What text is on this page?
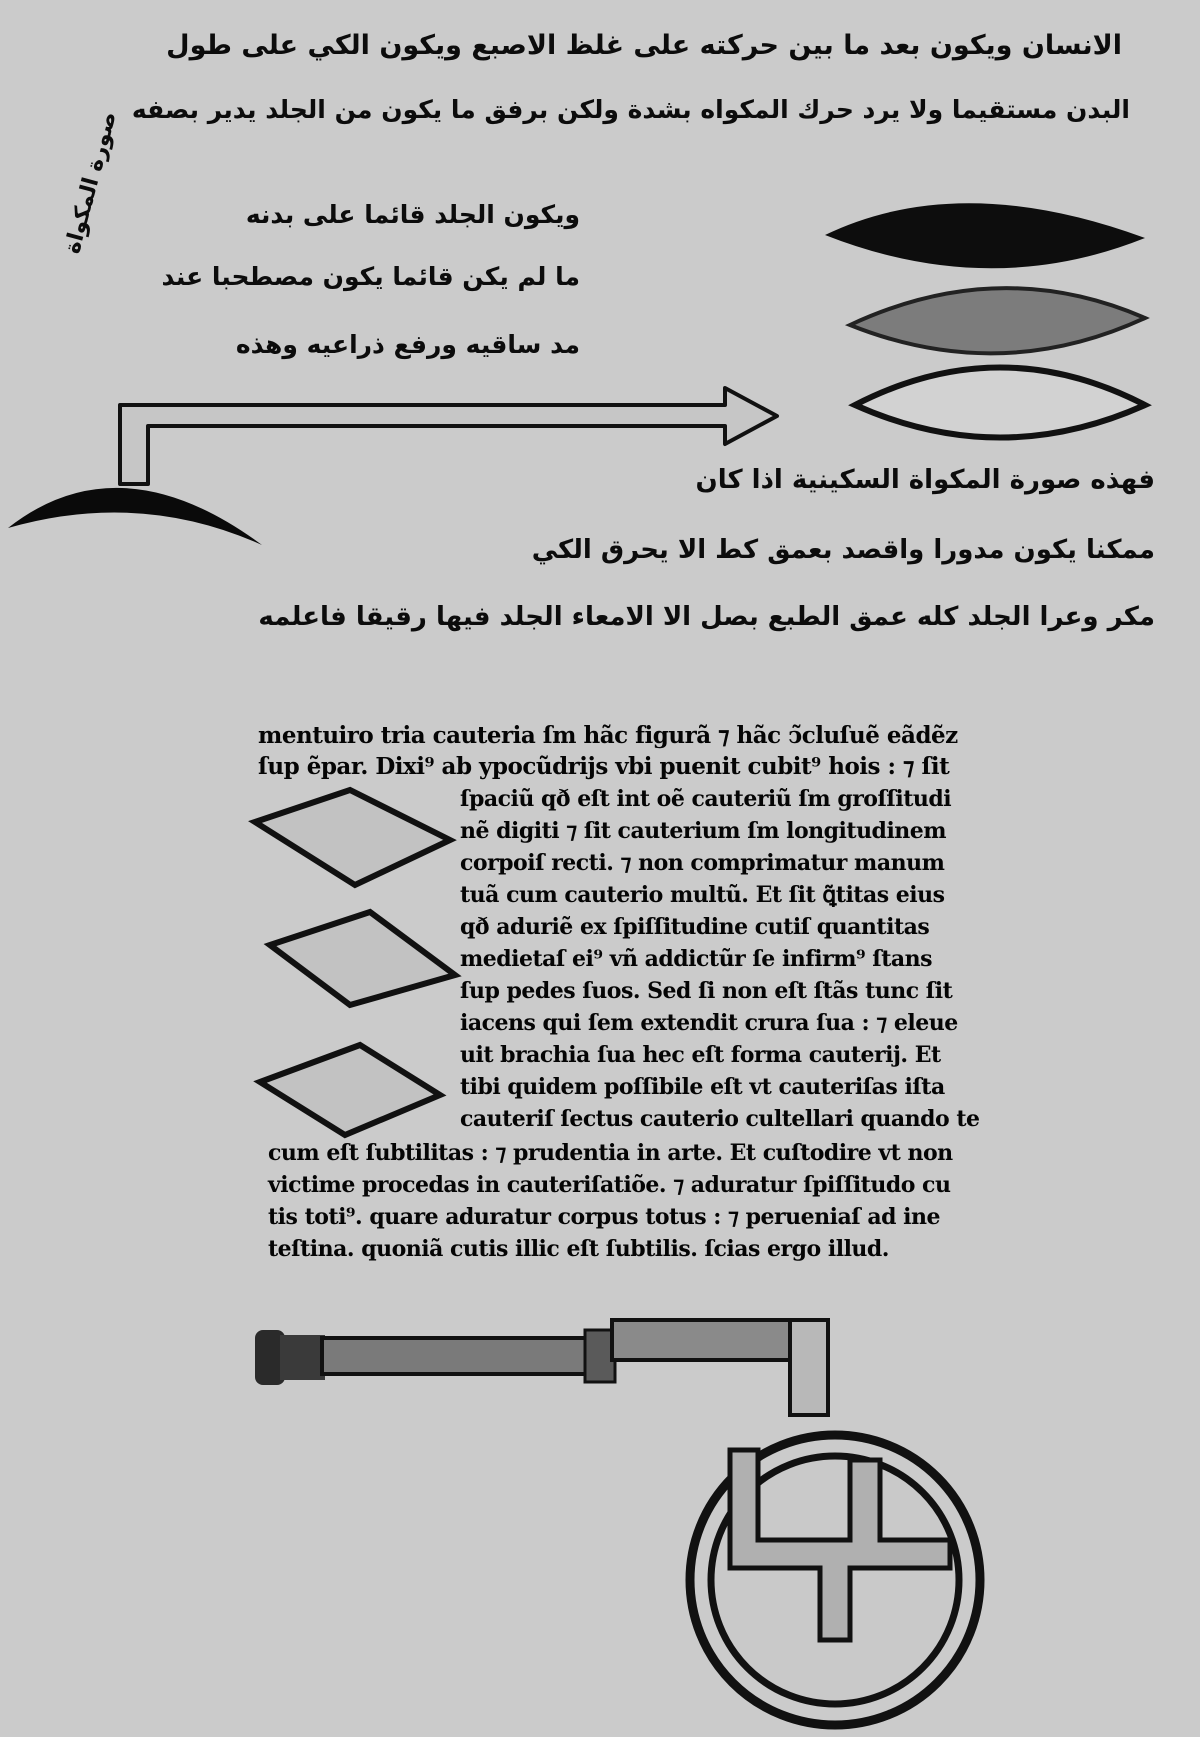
الانسان ويكون بعد ما بين حركته على غلظ الاصبع ويكون الكي على طول
البدن مستقيما ولا يرد حرك المكواه بشدة ولكن برفق ما يكون من الجلد يدير بصفه
صورة المكواة	ويكون الجلد قائما على بدنه
ما لم يكن قائما يكون مصطحبا عند
مد ساقيه ورفع ذراعيه وهذه
فهذه صورة المكواة السكينية اذا كان
ممكنا يكون مدورا واقصد بعمق كط الا يحرق الكي
مكر وعرا الجلد كله عمق الطبع بصل الا الامعاء الجلد فيها رقيقا فاعلمه
mentuiro tria cauteria ſm hãc figurã ⁊ hãc ↄ̃cluſuẽ eãdẽz
ſup ẽpar. Dixi⁹ ab ypocũdrijs vbi puenit cubit⁹ hois : ⁊ ſit
ſpaciũ qð eſt int oẽ cauteriũ ſm groſſitudi
nẽ digiti ⁊ ſit cauterium ſm longitudinem
corpoiſ recti. ⁊ non comprimatur manum
tuã cum cauterio multũ. Et ſit ꝗ̃titas eius
qð aduriẽ ex ſpiſſitudine cutiſ quantitas
medietaſ ei⁹ vñ addictũr ſe infirm⁹ ſtans
ſup pedes ſuos. Sed ſi non eſt ſtãs tunc ſit
iacens qui ſem extendit crura ſua : ⁊ eleue
uit brachia ſua hec eſt forma cauterij. Et
tibi quidem poſſibile eſt vt cauteriſas iſta
cauteriſ ſectus cauterio cultellari quando te
cum eſt ſubtilitas : ⁊ prudentia in arte. Et cuſtodire vt non
victime procedas in cauteriſatiõe. ⁊ aduratur ſpiſſitudo cu
tis toti⁹. quare aduratur corpus totus : ⁊ perueniaſ ad ine
teſtina. quoniã cutis illic eſt ſubtilis. ſcias ergo illud.
